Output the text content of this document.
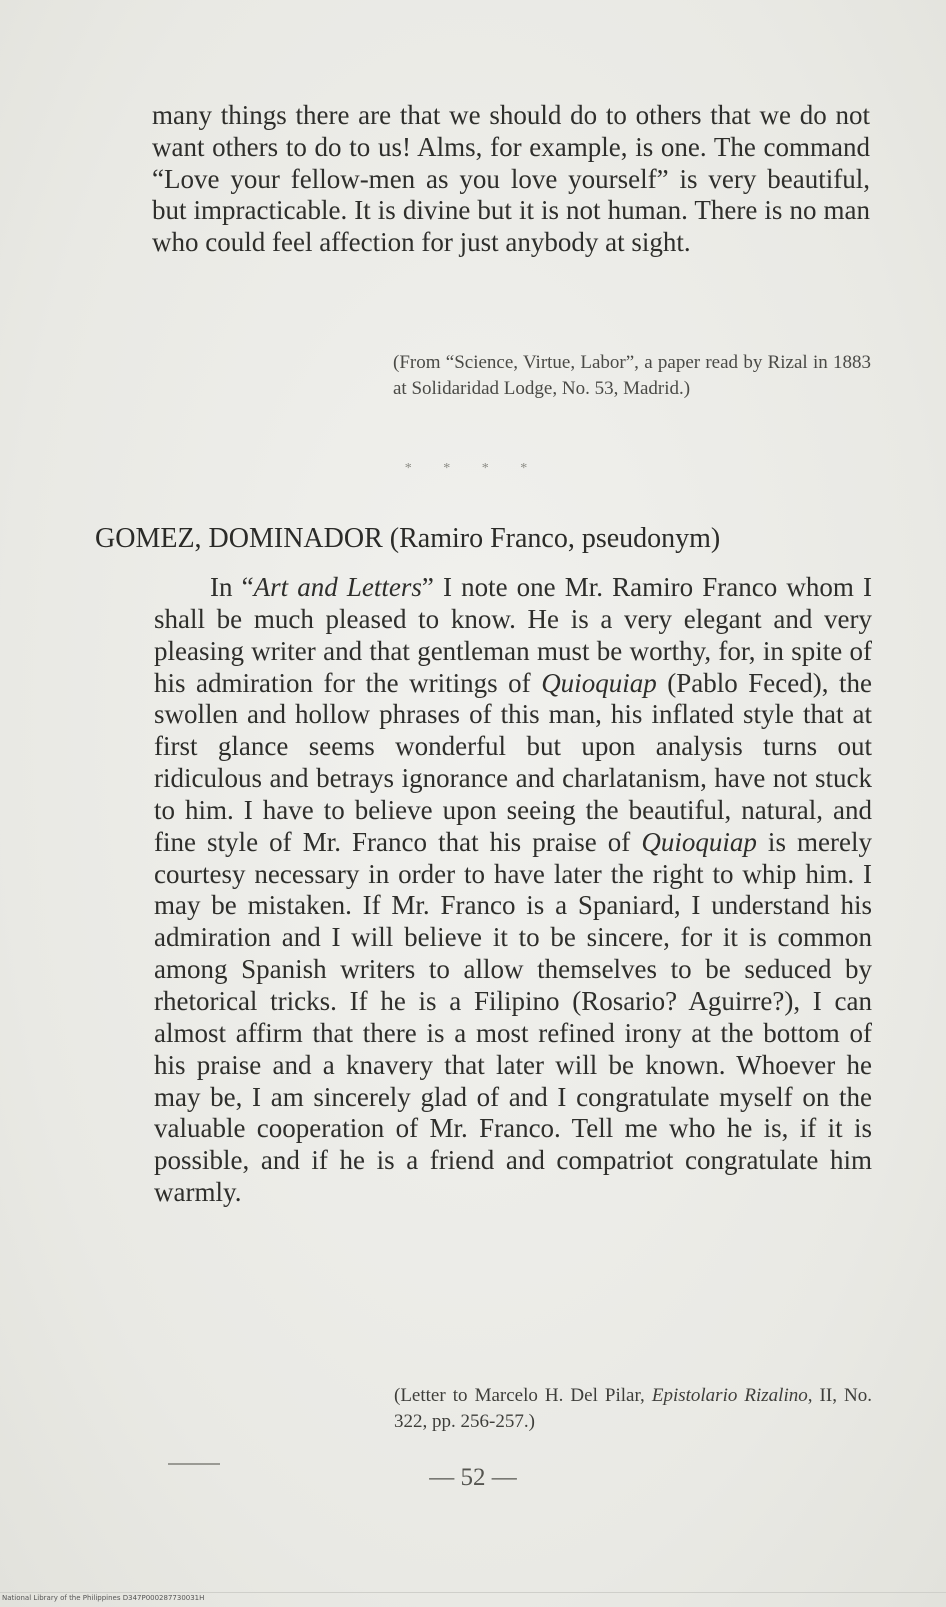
many things there are that we should do to others that we do not want others to do to us! Alms, for example, is one. The command “Love your fellow-men as you love yourself” is very beautiful, but impracticable. It is divine but it is not human. There is no man who could feel affection for just anybody at sight.
(From “Science, Virtue, Labor”, a paper read by Rizal in 1883 at Solidaridad Lodge, No. 53, Madrid.)
* * * *
GOMEZ, DOMINADOR (Ramiro Franco, pseudonym)
In “Art and Letters” I note one Mr. Ramiro Franco whom I shall be much pleased to know. He is a very elegant and very pleasing writer and that gentleman must be worthy, for, in spite of his admiration for the writings of Quioquiap (Pablo Feced), the swollen and hollow phrases of this man, his inflated style that at first glance seems wonderful but upon analysis turns out ridiculous and betrays ignorance and charlatanism, have not stuck to him. I have to believe upon seeing the beautiful, natural, and fine style of Mr. Franco that his praise of Quioquiap is merely courtesy necessary in order to have later the right to whip him. I may be mistaken. If Mr. Franco is a Spaniard, I understand his admiration and I will believe it to be sincere, for it is common among Spanish writers to allow themselves to be seduced by rhetorical tricks. If he is a Filipino (Rosario? Aguirre?), I can almost affirm that there is a most refined irony at the bottom of his praise and a knavery that later will be known. Whoever he may be, I am sincerely glad of and I congratulate myself on the valuable cooperation of Mr. Franco. Tell me who he is, if it is possible, and if he is a friend and compatriot congratulate him warmly.
(Letter to Marcelo H. Del Pilar, Epistolario Rizalino, II, No. 322, pp. 256-257.)
— 52 —
National Library of the Philippines D347P000287730031H
